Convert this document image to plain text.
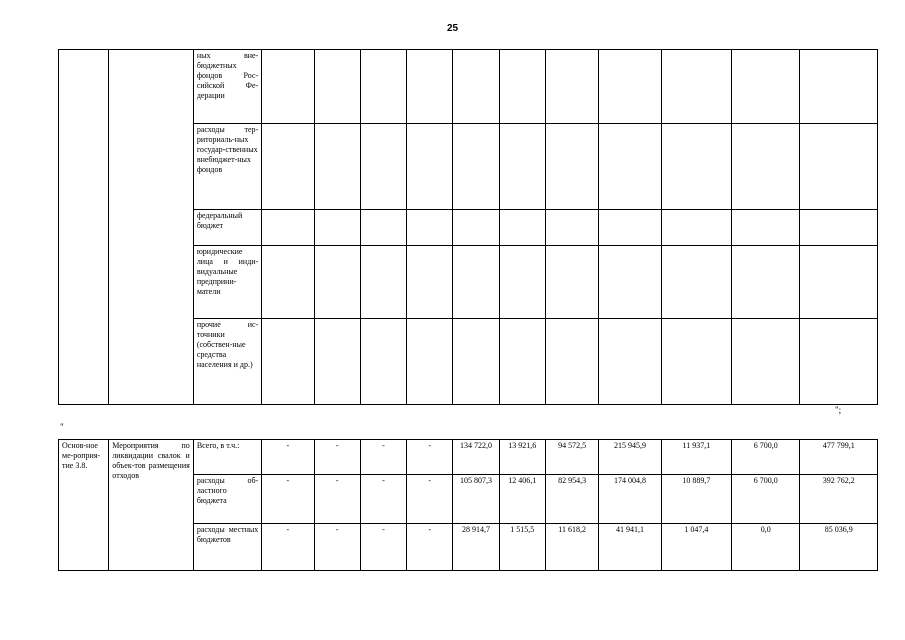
25
		ных вне-бюджетных фондов Рос-сийской Фе-дерации											
		расходы тер-риториаль-ных государ-ственных внебюджет-ных фондов											
		федеральный бюджет											
		юридические лица и инди-видуальные предприни-матели											
		прочие ис-точники (собствен-ные средства населения и др.)											
";
"
Основ-ное ме-роприя-тие 3.8.	Мероприятия по ликвидации свалок и объек-тов размещения отходов	Всего, в т.ч.:	-	-	-	-	134 722,0	13 921,6	94 572,5	215 945,9	11 937,1	6 700,0	477 799,1
		расходы об-ластного бюджета	-	-	-	-	105 807,3	12 406,1	82 954,3	174 004,8	10 889,7	6 700,0	392 762,2
		расходы местных бюджетов	-	-	-	-	28 914,7	1 515,5	11 618,2	41 941,1	1 047,4	0,0	85 036,9
